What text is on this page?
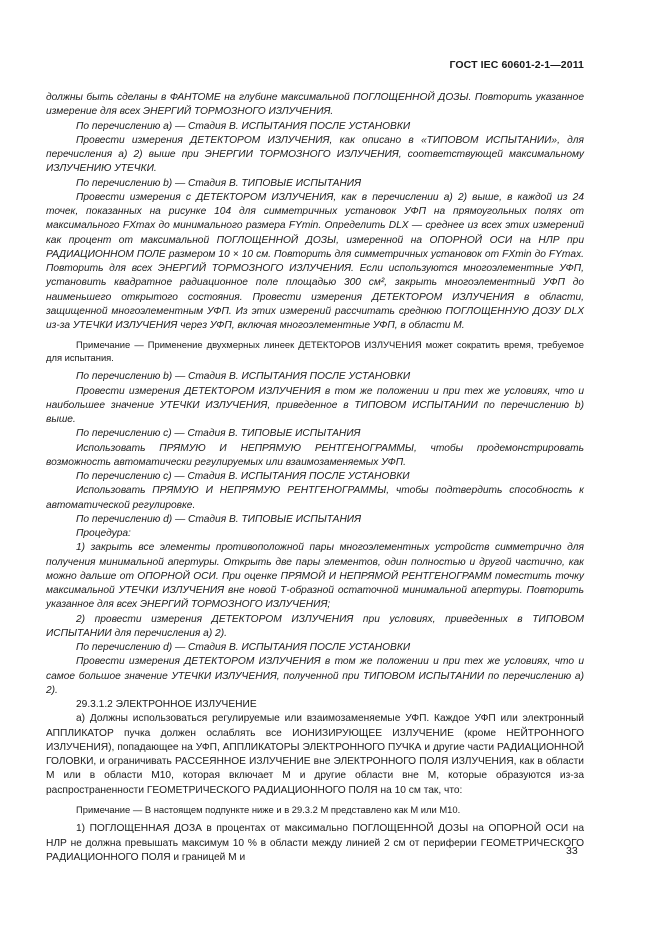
ГОСТ IEC 60601-2-1—2011

должны быть сделаны в ФАНТОМЕ на глубине максимальной ПОГЛОЩЕННОЙ ДОЗЫ. Повторить указанное измерение для всех ЭНЕРГИЙ ТОРМОЗНОГО ИЗЛУЧЕНИЯ.

По перечислению а) — Стадия В. ИСПЫТАНИЯ ПОСЛЕ УСТАНОВКИ

Провести измерения ДЕТЕКТОРОМ ИЗЛУЧЕНИЯ, как описано в «ТИПОВОМ ИСПЫТАНИИ», для перечисления а) 2) выше при ЭНЕРГИИ ТОРМОЗНОГО ИЗЛУЧЕНИЯ, соответствующей максимальному ИЗЛУЧЕНИЮ УТЕЧКИ.

По перечислению b) — Стадия В. ТИПОВЫЕ ИСПЫТАНИЯ

Провести измерения с ДЕТЕКТОРОМ ИЗЛУЧЕНИЯ, как в перечислении а) 2) выше, в каждой из 24 точек, показанных на рисунке 104 для симметричных установок УФП на прямоугольных полях от максимального FXmax до минимального размера FYmin. Определить DLX — среднее из всех этих измерений как процент от максимальной ПОГЛОЩЕННОЙ ДОЗЫ, измеренной на ОПОРНОЙ ОСИ на НЛР при РАДИАЦИОННОМ ПОЛЕ размером 10 × 10 см. Повторить для симметричных установок от FXmin до FYmax. Повторить для всех ЭНЕРГИЙ ТОРМОЗНОГО ИЗЛУЧЕНИЯ. Если используются многоэлементные УФП, установить квадратное радиационное поле площадью 300 см², закрыть многоэлементный УФП до наименьшего открытого состояния. Провести измерения ДЕТЕКТОРОМ ИЗЛУЧЕНИЯ в области, защищенной многоэлементным УФП. Из этих измерений рассчитать среднюю ПОГЛОЩЕННУЮ ДОЗУ DLX из-за УТЕЧКИ ИЗЛУЧЕНИЯ через УФП, включая многоэлементные УФП, в области М.

Примечание — Применение двухмерных линеек ДЕТЕКТОРОВ ИЗЛУЧЕНИЯ может сократить время, требуемое для испытания.

По перечислению b) — Стадия В. ИСПЫТАНИЯ ПОСЛЕ УСТАНОВКИ

Провести измерения ДЕТЕКТОРОМ ИЗЛУЧЕНИЯ в том же положении и при тех же условиях, что и наибольшее значение УТЕЧКИ ИЗЛУЧЕНИЯ, приведенное в ТИПОВОМ ИСПЫТАНИИ по перечислению b) выше.

По перечислению с) — Стадия В. ТИПОВЫЕ ИСПЫТАНИЯ

Использовать ПРЯМУЮ И НЕПРЯМУЮ РЕНТГЕНОГРАММЫ, чтобы продемонстрировать возможность автоматически регулируемых или взаимозаменяемых УФП.

По перечислению с) — Стадия В. ИСПЫТАНИЯ ПОСЛЕ УСТАНОВКИ

Использовать ПРЯМУЮ И НЕПРЯМУЮ РЕНТГЕНОГРАММЫ, чтобы подтвердить способность к автоматической регулировке.

По перечислению d) — Стадия В. ТИПОВЫЕ ИСПЫТАНИЯ

Процедура:

1) закрыть все элементы противоположной пары многоэлементных устройств симметрично для получения минимальной апертуры. Открыть две пары элементов, один полностью и другой частично, как можно дальше от ОПОРНОЙ ОСИ. При оценке ПРЯМОЙ И НЕПРЯМОЙ РЕНТГЕНОГРАММ поместить точку максимальной УТЕЧКИ ИЗЛУЧЕНИЯ вне новой Т-образной остаточной минимальной апертуры. Повторить указанное для всех ЭНЕРГИЙ ТОРМОЗНОГО ИЗЛУЧЕНИЯ;

2) провести измерения ДЕТЕКТОРОМ ИЗЛУЧЕНИЯ при условиях, приведенных в ТИПОВОМ ИСПЫТАНИИ для перечисления а) 2).

По перечислению d) — Стадия В. ИСПЫТАНИЯ ПОСЛЕ УСТАНОВКИ

Провести измерения ДЕТЕКТОРОМ ИЗЛУЧЕНИЯ в том же положении и при тех же условиях, что и самое большое значение УТЕЧКИ ИЗЛУЧЕНИЯ, полученной при ТИПОВОМ ИСПЫТАНИИ по перечислению а) 2).

29.3.1.2 ЭЛЕКТРОННОЕ ИЗЛУЧЕНИЕ

а) Должны использоваться регулируемые или взаимозаменяемые УФП. Каждое УФП или электронный АППЛИКАТОР пучка должен ослаблять все ИОНИЗИРУЮЩЕЕ ИЗЛУЧЕНИЕ (кроме НЕЙТРОННОГО ИЗЛУЧЕНИЯ), попадающее на УФП, АППЛИКАТОРЫ ЭЛЕКТРОННОГО ПУЧКА и другие части РАДИАЦИОННОЙ ГОЛОВКИ, и ограничивать РАССЕЯННОЕ ИЗЛУЧЕНИЕ вне ЭЛЕКТРОННОГО ПОЛЯ ИЗЛУЧЕНИЯ, как в области М или в области М10, которая включает М и другие области вне М, которые образуются из-за распространенности ГЕОМЕТРИЧЕСКОГО РАДИАЦИОННОГО ПОЛЯ на 10 см так, что:

Примечание — В настоящем подпункте ниже и в 29.3.2 М представлено как М или М10.

1) ПОГЛОЩЕННАЯ ДОЗА в процентах от максимально ПОГЛОЩЕННОЙ ДОЗЫ на ОПОРНОЙ ОСИ на НЛР не должна превышать максимум 10 % в области между линией 2 см от периферии ГЕОМЕТРИЧЕСКОГО РАДИАЦИОННОГО ПОЛЯ и границей М и

33
